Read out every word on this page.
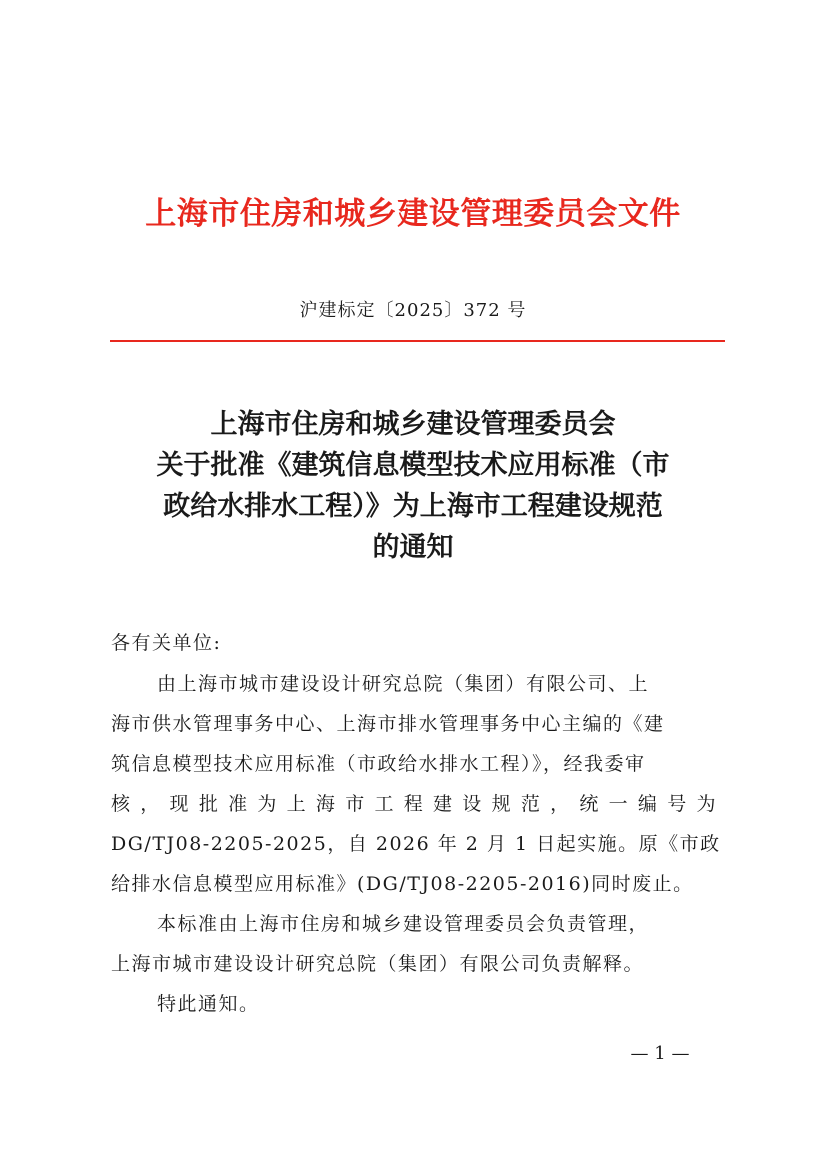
上海市住房和城乡建设管理委员会文件
沪建标定〔2025〕372 号
上海市住房和城乡建设管理委员会
关于批准《建筑信息模型技术应用标准（市
政给水排水工程）》为上海市工程建设规范
的通知

各有关单位:

由上海市城市建设设计研究总院（集团）有限公司、上
海市供水管理事务中心、上海市排水管理事务中心主编的《建
筑信息模型技术应用标准（市政给水排水工程）》，经我委审
核，现批准为上海市工程建设规范，统一编号为
DG/TJ08-2205-2025，自 2026 年 2 月 1 日起实施。原《市政
给排水信息模型应用标准》(DG/TJ08-2205-2016)同时废止。

本标准由上海市住房和城乡建设管理委员会负责管理，
上海市城市建设设计研究总院（集团）有限公司负责解释。

特此通知。

— 1 —
